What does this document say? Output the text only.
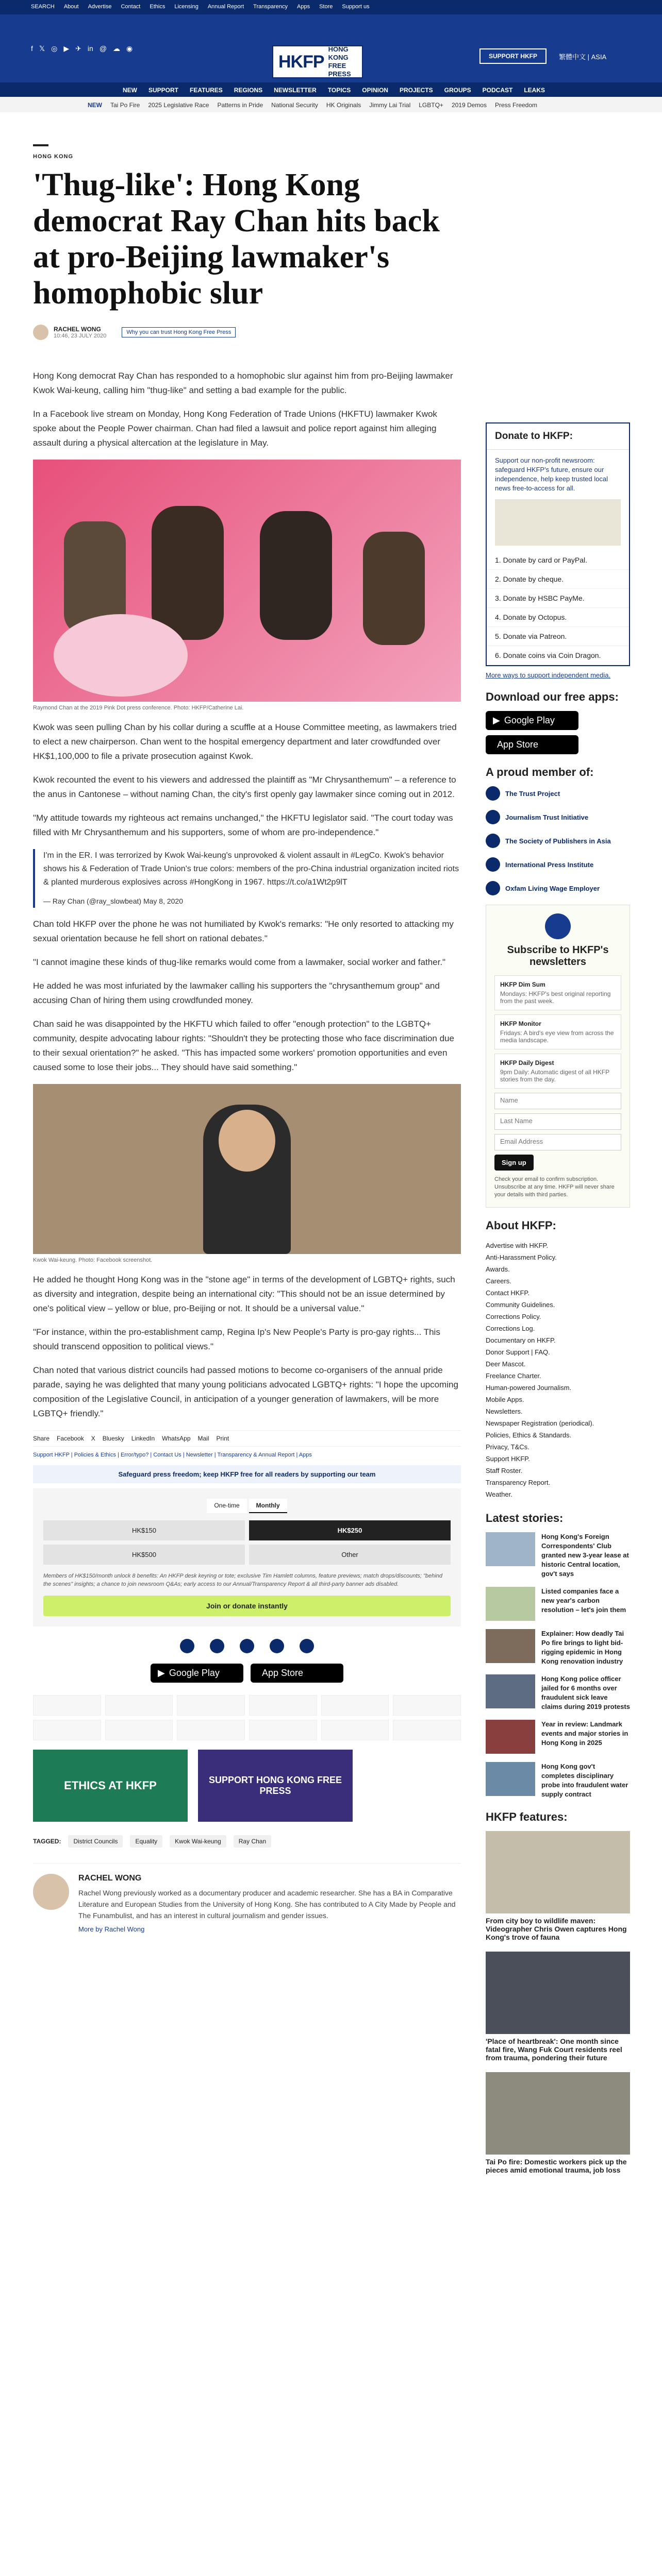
SEARCH About Advertise Contact Ethics Licensing Annual Report Transparency Apps Store Support us
f 𝕏 ◎ ▶ ✈ in @ ☁ ◉
HKFP
HONG KONG
FREE PRESS
SUPPORT HKFP	繁體中文 | ASIA
NEW SUPPORT FEATURES REGIONS NEWSLETTER TOPICS OPINION PROJECTS GROUPS PODCAST LEAKS
NEW Tai Po Fire 2025 Legislative Race Patterns in Pride National Security HK Originals Jimmy Lai Trial LGBTQ+ 2019 Demos Press Freedom
HONG KONG
'Thug-like': Hong Kong democrat Ray Chan hits back at pro-Beijing lawmaker's homophobic slur
RACHEL WONG
10:46, 23 JULY 2020
Why you can trust Hong Kong Free Press

Hong Kong democrat Ray Chan has responded to a homophobic slur against him from pro-Beijing lawmaker Kwok Wai-keung, calling him "thug-like" and setting a bad example for the public.

In a Facebook live stream on Monday, Hong Kong Federation of Trade Unions (HKFTU) lawmaker Kwok spoke about the People Power chairman. Chan had filed a lawsuit and police report against him alleging assault during a physical altercation at the legislature in May.

Raymond Chan at the 2019 Pink Dot press conference. Photo: HKFP/Catherine Lai.

Kwok was seen pulling Chan by his collar during a scuffle at a House Committee meeting, as lawmakers tried to elect a new chairperson. Chan went to the hospital emergency department and later crowdfunded over HK$1,100,000 to file a private prosecution against Kwok.

Kwok recounted the event to his viewers and addressed the plaintiff as "Mr Chrysanthemum" – a reference to the anus in Cantonese – without naming Chan, the city's first openly gay lawmaker since coming out in 2012.

"My attitude towards my righteous act remains unchanged," the HKFTU legislator said. "The court today was filled with Mr Chrysanthemum and his supporters, some of whom are pro-independence."

I'm in the ER. I was terrorized by Kwok Wai-keung's unprovoked & violent assault in #LegCo. Kwok's behavior shows his & Federation of Trade Union's true colors: members of the pro-China industrial organization incited riots & planted murderous explosives across #HongKong in 1967. https://t.co/a1Wt2p9lT
— Ray Chan (@ray_slowbeat) May 8, 2020

Chan told HKFP over the phone he was not humiliated by Kwok's remarks: "He only resorted to attacking my sexual orientation because he fell short on rational debates."

"I cannot imagine these kinds of thug-like remarks would come from a lawmaker, social worker and father."

He added he was most infuriated by the lawmaker calling his supporters the "chrysanthemum group" and accusing Chan of hiring them using crowdfunded money.

Chan said he was disappointed by the HKFTU which failed to offer "enough protection" to the LGBTQ+ community, despite advocating labour rights: "Shouldn't they be protecting those who face discrimination due to their sexual orientation?" he asked. "This has impacted some workers' promotion opportunities and even caused some to lose their jobs... They should have said something."

Kwok Wai-keung. Photo: Facebook screenshot.

He added he thought Hong Kong was in the "stone age" in terms of the development of LGBTQ+ rights, such as diversity and integration, despite being an international city: "This should not be an issue determined by one's political view – yellow or blue, pro-Beijing or not. It should be a universal value."

"For instance, within the pro-establishment camp, Regina Ip's New People's Party is pro-gay rights... This should transcend opposition to political views."

Chan noted that various district councils had passed motions to become co-organisers of the annual pride parade, saying he was delighted that many young politicians advocated LGBTQ+ rights: "I hope the upcoming composition of the Legislative Council, in anticipation of a younger generation of lawmakers, will be more LGBTQ+ friendly."

Share Facebook X Bluesky LinkedIn WhatsApp Mail Print
Support HKFP | Policies & Ethics | Error/typo? | Contact Us | Newsletter | Transparency & Annual Report | Apps
Safeguard press freedom; keep HKFP free for all readers by supporting our team
One-time	Monthly
HK$150	HK$250
HK$500	Other
Members of HK$150/month unlock 8 benefits: An HKFP desk keyring or tote; exclusive Tim Hamlett columns, feature previews; match drops/discounts; "behind the scenes" insights; a chance to join newsroom Q&As; early access to our Annual/Transparency Report & all third-party banner ads disabled.
Join or donate instantly
▶ Google Play	App Store
ETHICS AT HKFP	SUPPORT HONG KONG FREE PRESS
TAGGED:	District Councils	Equality	Kwok Wai-keung	Ray Chan
RACHEL WONG
Rachel Wong previously worked as a documentary producer and academic researcher. She has a BA in Comparative Literature and European Studies from the University of Hong Kong. She has contributed to A City Made by People and The Funambulist, and has an interest in cultural journalism and gender issues.
More by Rachel Wong
Donate to HKFP:
Support our non-profit newsroom: safeguard HKFP's future, ensure our independence, help keep trusted local news free-to-access for all.
1. Donate by card or PayPal.
2. Donate by cheque.
3. Donate by HSBC PayMe.
4. Donate by Octopus.
5. Donate via Patreon.
6. Donate coins via Coin Dragon.
More ways to support independent media.
Download our free apps:
▶ Google Play
App Store
A proud member of:
The Trust Project
Journalism Trust Initiative
The Society of Publishers in Asia
International Press Institute
Oxfam Living Wage Employer
Subscribe to HKFP's newsletters
HKFP Dim Sum
Mondays: HKFP's best original reporting from the past week.
HKFP Monitor
Fridays: A bird's eye view from across the media landscape.
HKFP Daily Digest
9pm Daily: Automatic digest of all HKFP stories from the day.
Name
Last Name
Email Address
Sign up
Check your email to confirm subscription. Unsubscribe at any time. HKFP will never share your details with third parties.
About HKFP:
Advertise with HKFP.
Anti-Harassment Policy.
Awards.
Careers.
Contact HKFP.
Community Guidelines.
Corrections Policy.
Corrections Log.
Documentary on HKFP.
Donor Support | FAQ.
Deer Mascot.
Freelance Charter.
Human-powered Journalism.
Mobile Apps.
Newsletters.
Newspaper Registration (periodical).
Policies, Ethics & Standards.
Privacy, T&Cs.
Support HKFP.
Staff Roster.
Transparency Report.
Weather.
Latest stories:
Hong Kong's Foreign Correspondents' Club granted new 3-year lease at historic Central location, gov't says
Listed companies face a new year's carbon resolution – let's join them
Explainer: How deadly Tai Po fire brings to light bid-rigging epidemic in Hong Kong renovation industry
Hong Kong police officer jailed for 6 months over fraudulent sick leave claims during 2019 protests
Year in review: Landmark events and major stories in Hong Kong in 2025
Hong Kong gov't completes disciplinary probe into fraudulent water supply contract
HKFP features:
From city boy to wildlife maven: Videographer Chris Owen captures Hong Kong's trove of fauna
'Place of heartbreak': One month since fatal fire, Wang Fuk Court residents reel from trauma, pondering their future
Tai Po fire: Domestic workers pick up the pieces amid emotional trauma, job loss
